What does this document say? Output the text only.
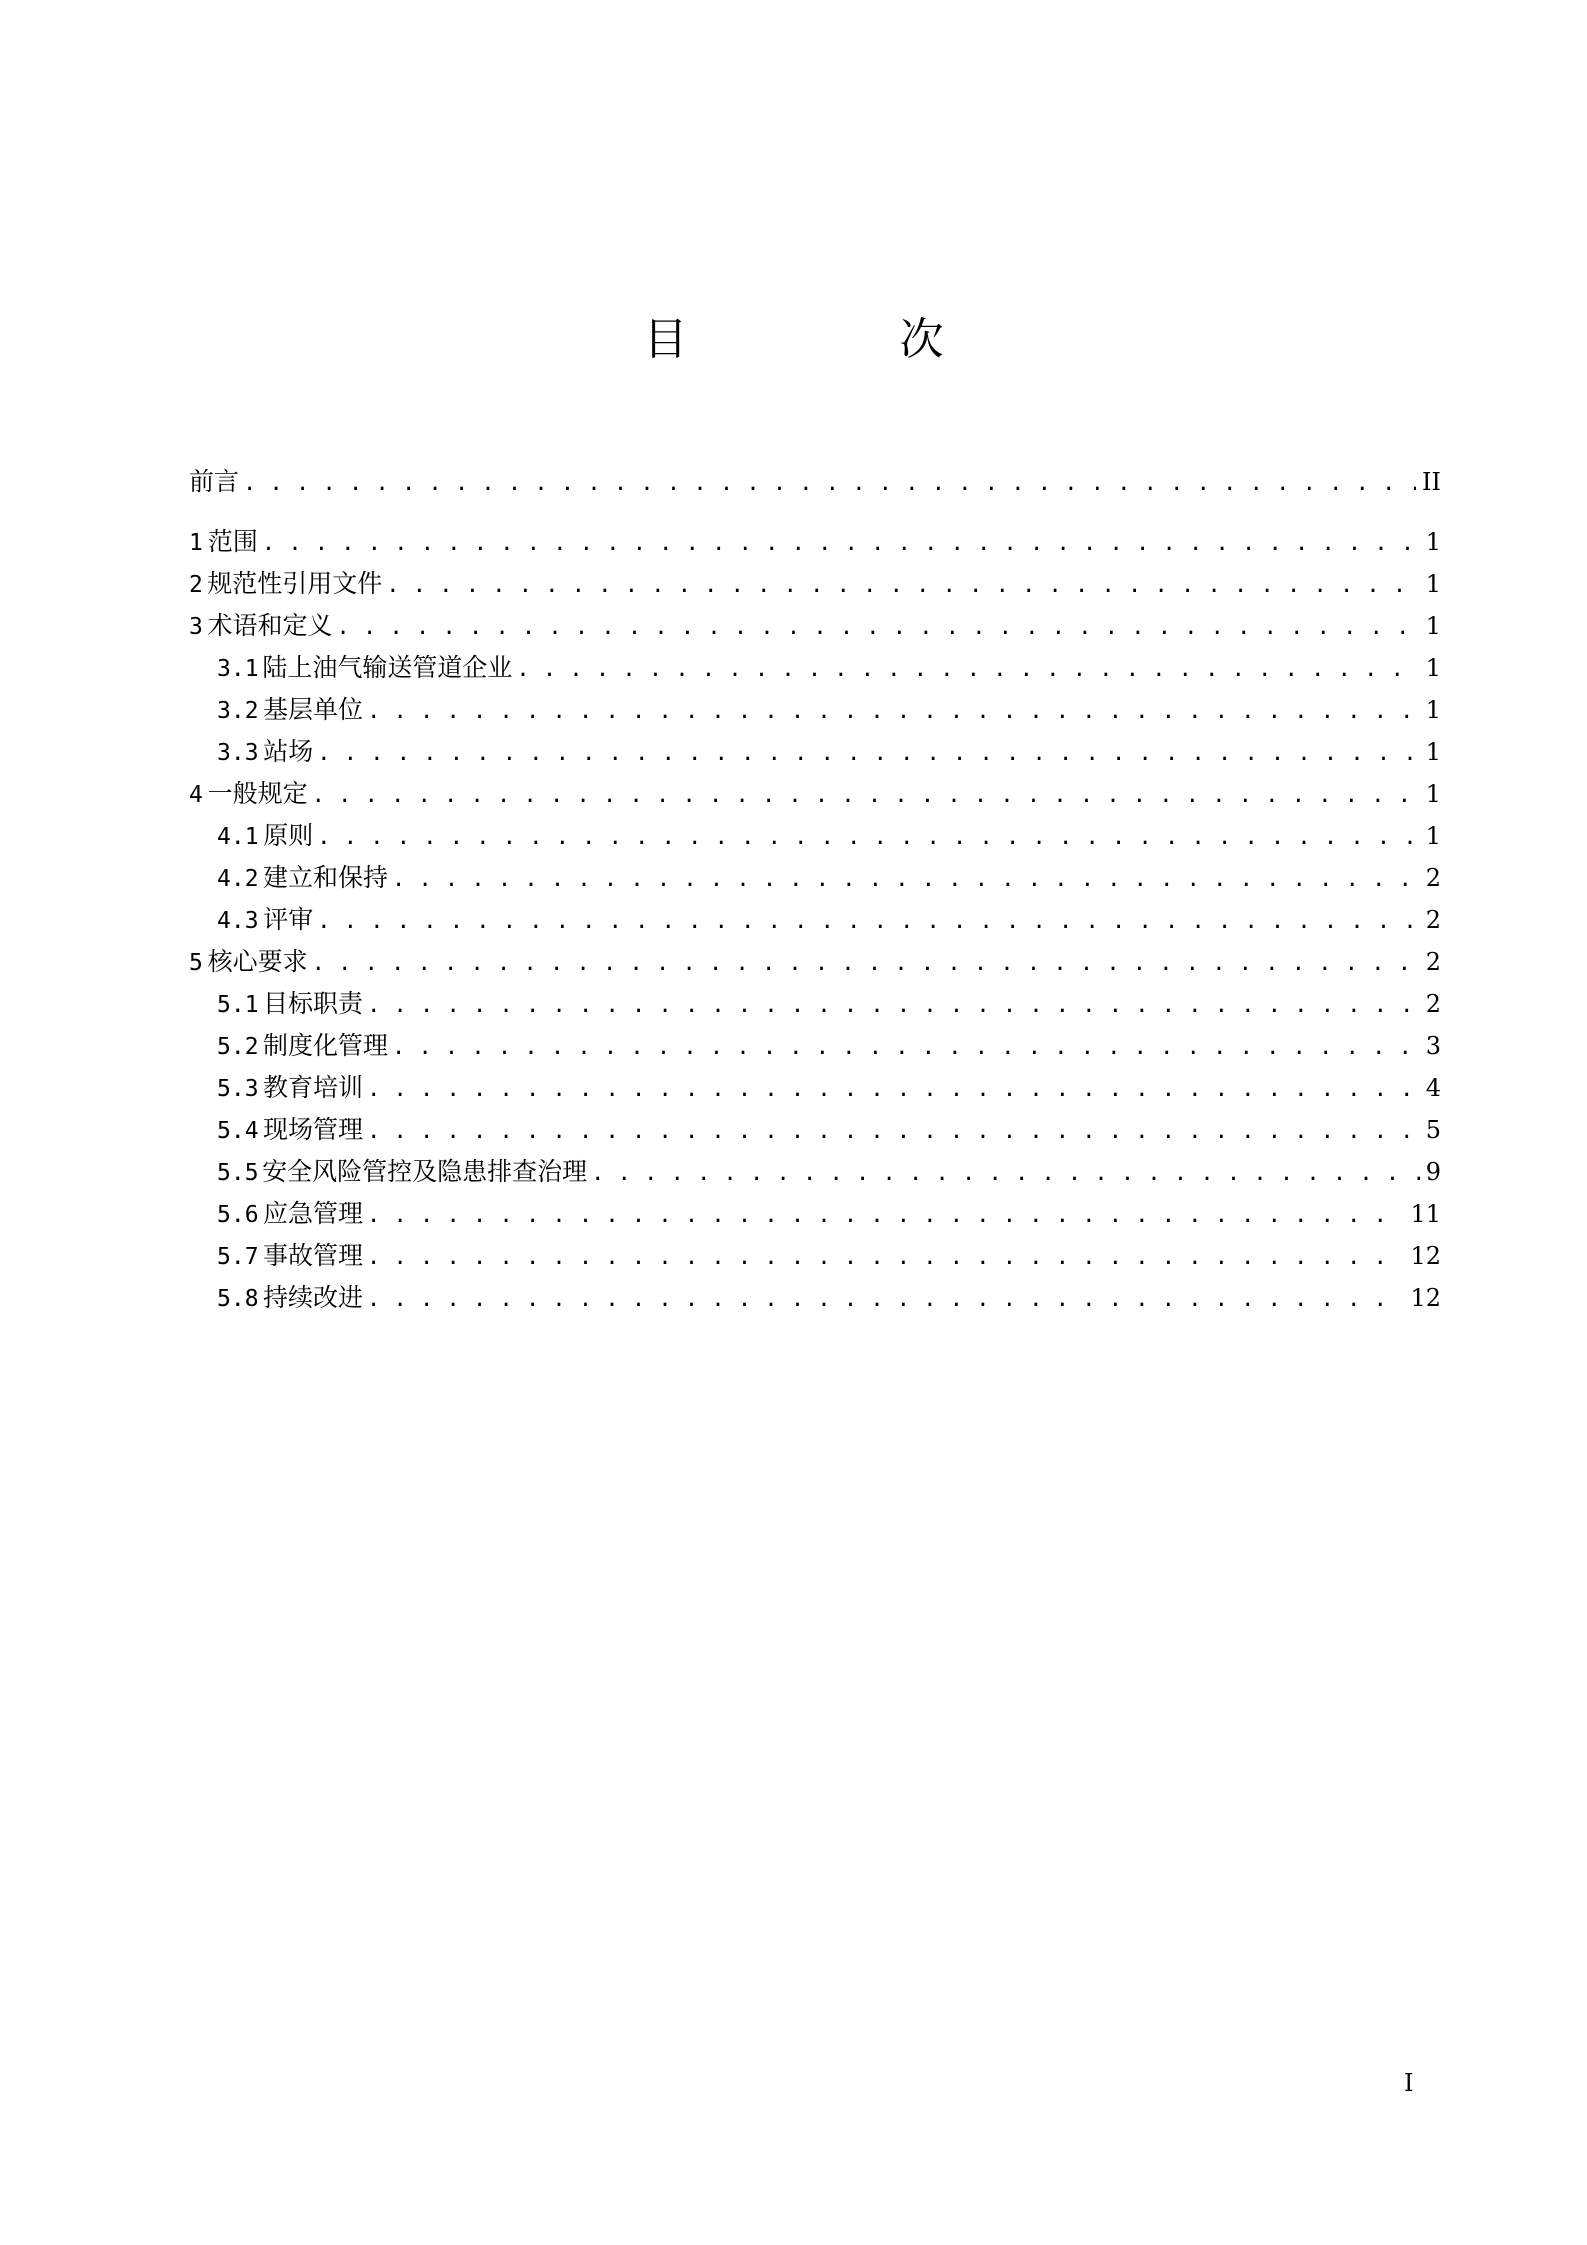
目　次
前言 . . .	II
1 范围 . . .	1
2 规范性引用文件 . . .	1
3 术语和定义 . . .	1
3.1 陆上油气输送管道企业 . . .	1
3.2 基层单位 . . .	1
3.3 站场 . . .	1
4 一般规定 . . .	1
4.1 原则 . . .	1
4.2 建立和保持 . . .	2
4.3 评审 . . .	2
5 核心要求 . . .	2
5.1 目标职责 . . .	2
5.2 制度化管理 . . .	3
5.3 教育培训 . . .	4
5.4 现场管理 . . .	5
5.5 安全风险管控及隐患排查治理 . . .	9
5.6 应急管理 . . .	11
5.7 事故管理 . . .	12
5.8 持续改进 . . .	12
I
